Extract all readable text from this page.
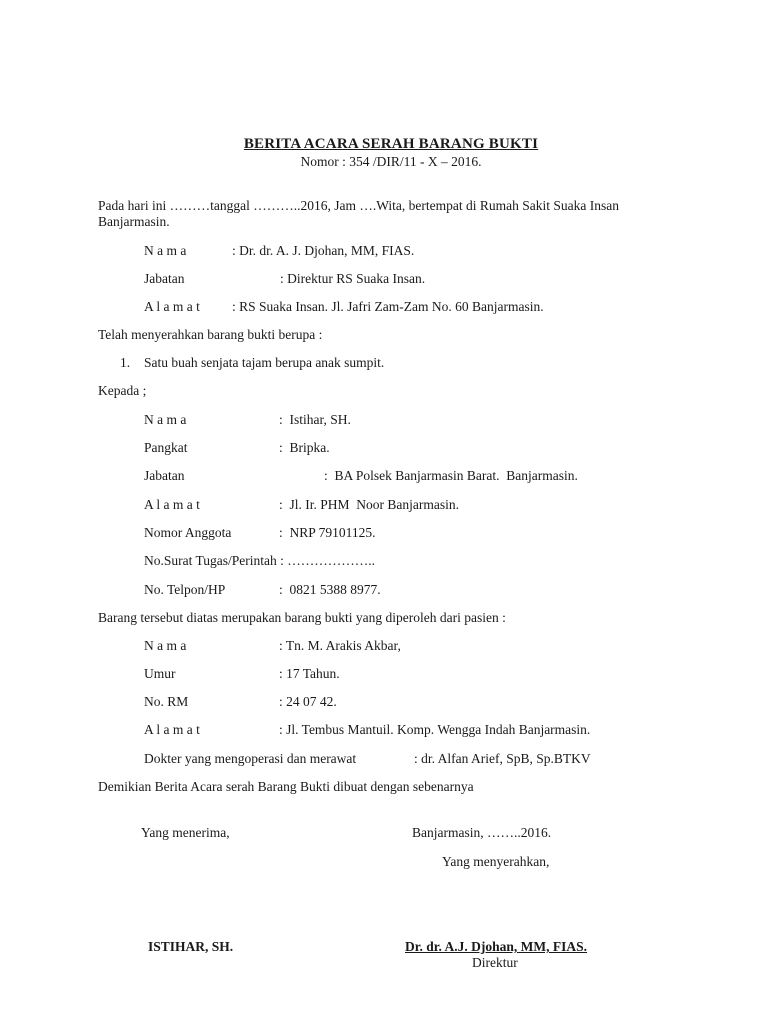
BERITA ACARA SERAH BARANG BUKTI
Nomor : 354 /DIR/11 - X – 2016.
Pada hari ini ………tanggal ………..2016, Jam ….Wita, bertempat di Rumah Sakit Suaka Insan
Banjarmasin.
N a m a	: Dr. dr. A. J. Djohan, MM, FIAS.
Jabatan	: Direktur RS Suaka Insan.
A l a m a t : RS Suaka Insan. Jl. Jafri Zam-Zam No. 60 Banjarmasin.
Telah menyerahkan barang bukti berupa :
1. Satu buah senjata tajam berupa anak sumpit.
Kepada ;
N a m a	:  Istihar, SH.
Pangkat	:  Bripka.
Jabatan	:  BA Polsek Banjarmasin Barat.  Banjarmasin.
A l a m a t	:  Jl. Ir. PHM  Noor Banjarmasin.
Nomor Anggota	:  NRP 79101125.
No.Surat Tugas/Perintah : ………………..
No. Telpon/HP	:  0821 5388 8977.
Barang tersebut diatas merupakan barang bukti yang diperoleh dari pasien :
N a m a	: Tn. M. Arakis Akbar,
Umur	: 17 Tahun.
No. RM	: 24 07 42.
A l a m a t	: Jl. Tembus Mantuil. Komp. Wengga Indah Banjarmasin.
Dokter yang mengoperasi dan merawat	: dr. Alfan Arief, SpB, Sp.BTKV
Demikian Berita Acara serah Barang Bukti dibuat dengan sebenarnya
Yang menerima,	Banjarmasin, ……..2016.
Yang menyerahkan,
ISTIHAR, SH.	Dr. dr. A.J. Djohan, MM, FIAS.
Direktur
